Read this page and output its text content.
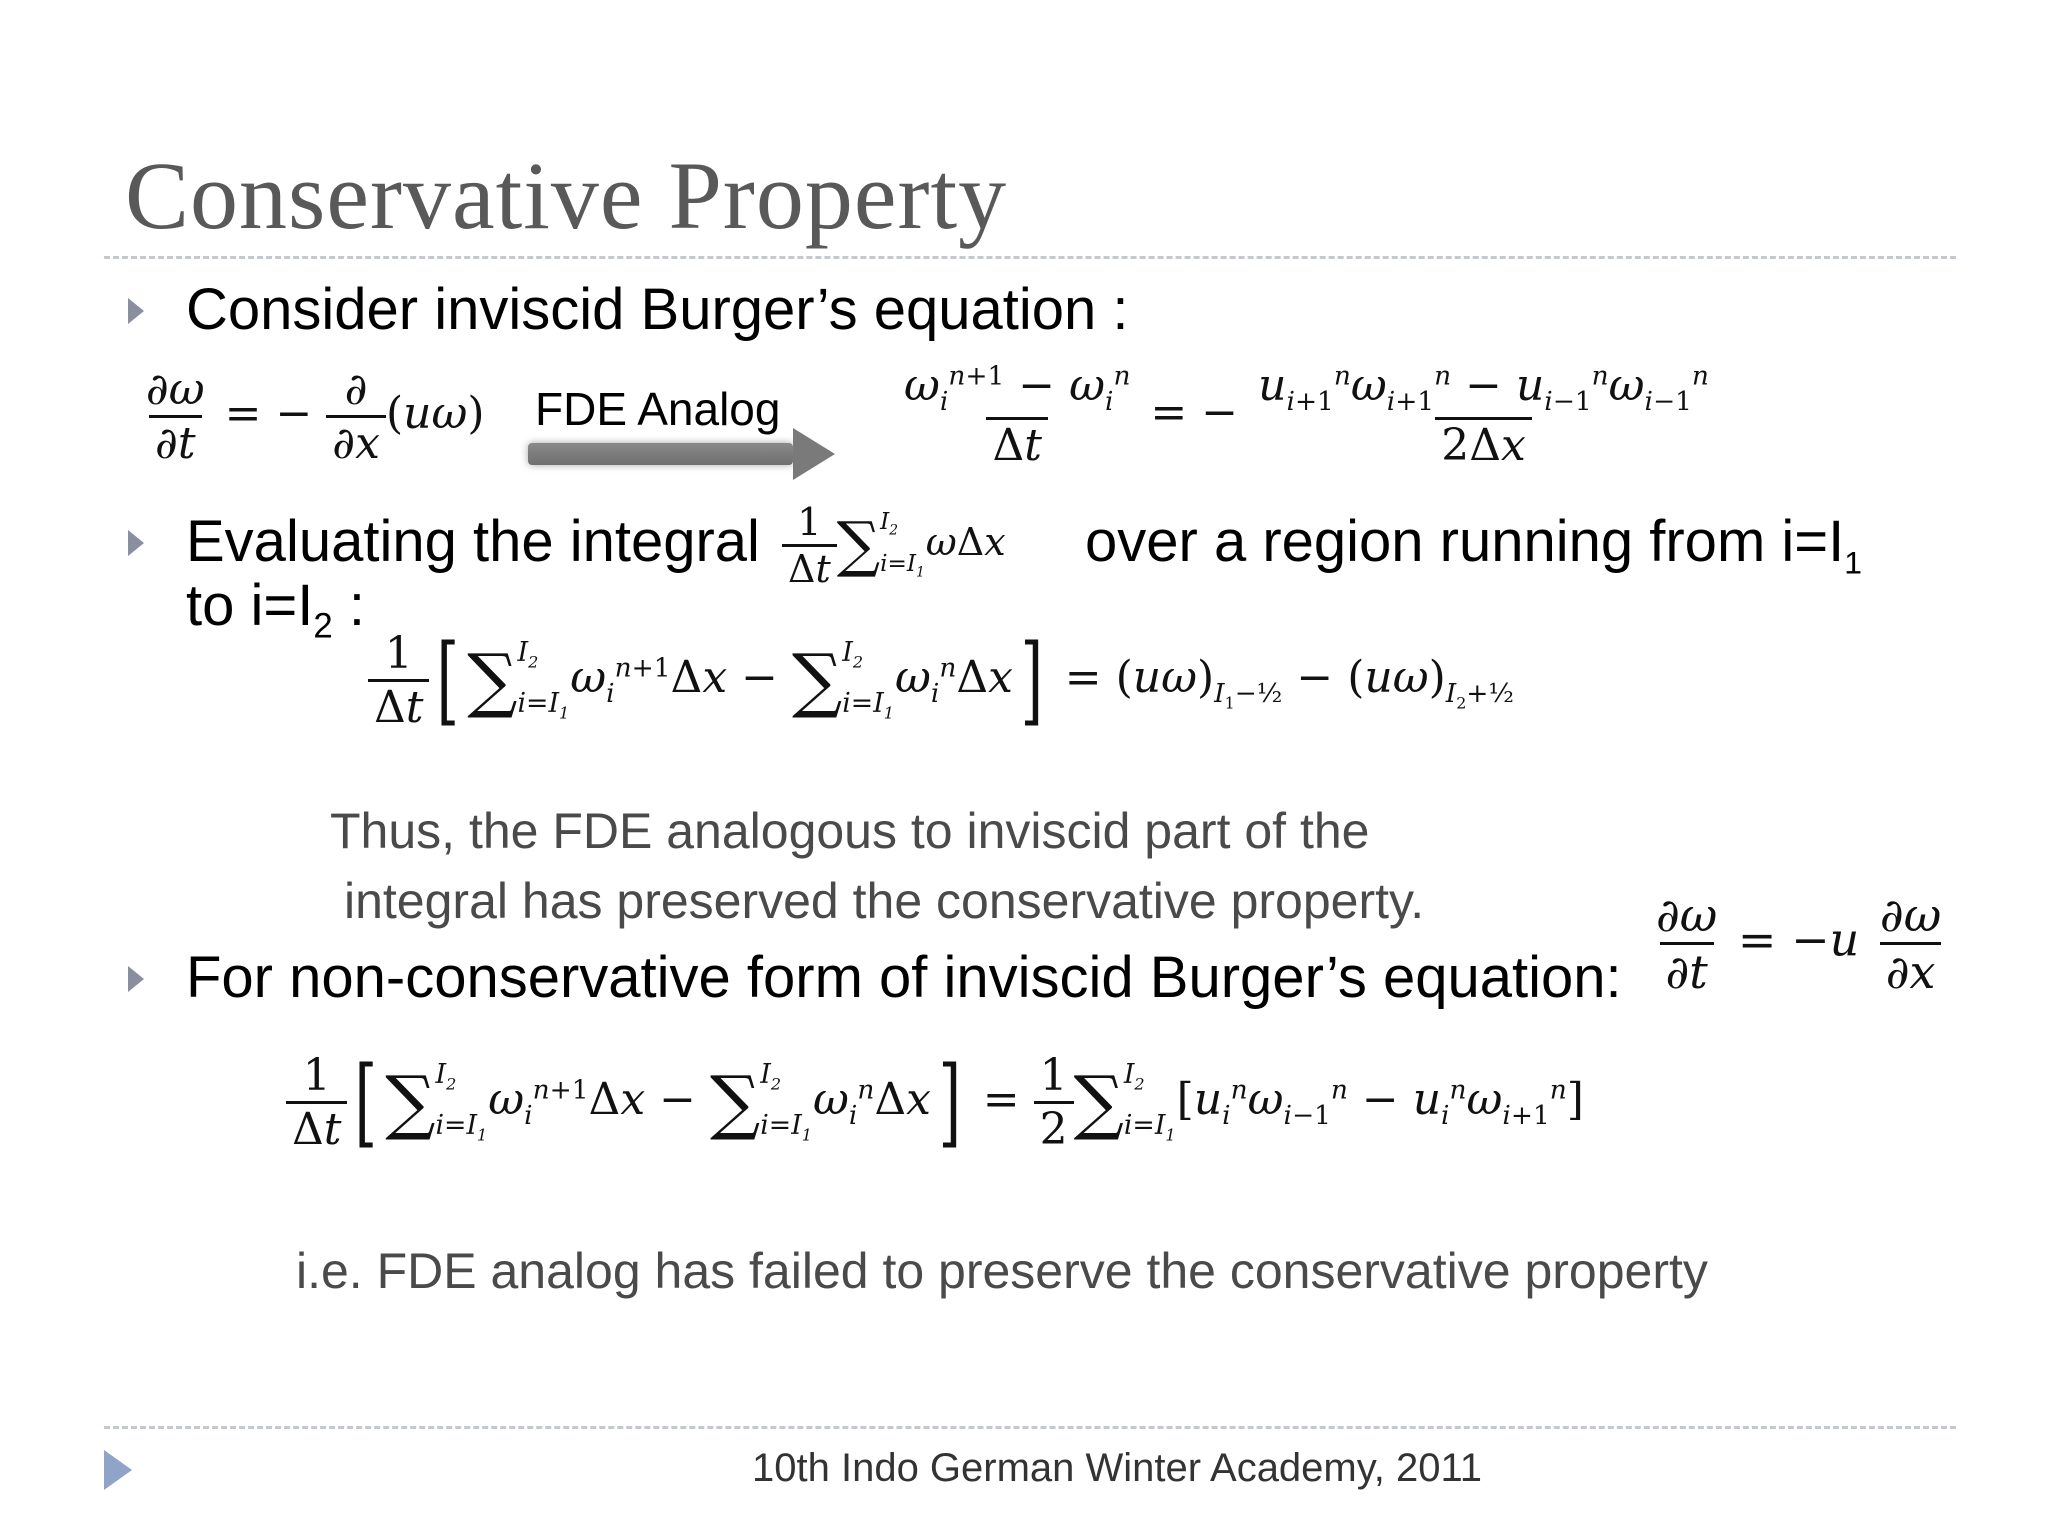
Conservative Property
Consider inviscid Burger’s equation :
$\frac{\partial\omega}{\partial t}$ = − $\frac{\partial}{\partial x} (u\omega)$ FDE Analog	$\frac{\omega_i^{n+1} - \omega_i^n}{\Delta t}$ = − $\frac{u_{i+1}^n\omega_{i+1}^n - u_{i-1}^n\omega_{i-1}^n}{2\Delta x}$
Evaluating the integral $\frac{1}{\Delta t}$ ∑ $I_2$
$i=I_1$
ωΔx over a region running from $i=I_1$
to $i=I_2$ :
$\frac{1}{\Delta t}$ [ ∑ $I_2$
$i=I_1$
$\omega_i^{n+1}\Delta x$ − ∑ $I_2$
$i=I_1$
$\omega_i^n\Delta x] = (u\omega)_{I_1-\frac{1}{2}} - (u\omega)_{I_2+\frac{1}{2}}$
Thus, the FDE analogous to inviscid part of the
integral has preserved the conservative property.
For non-conservative form of inviscid Burger’s equation: $\frac{\partial\omega}{\partial t} = -u \frac{\partial\omega}{\partial x}$
$\frac{1}{\Delta t}$ [ ∑ $I_2$
$i=I_1$
$\omega_i^{n+1}\Delta x$ − ∑ $I_2$
$i=I_1$
$\omega_i^n\Delta x] = \frac{1}{2}$ ∑ $I_2$
$i=I_1$
$[u_i^n\omega_{i-1}^n - u_i^n\omega_{i+1}^n]$
i.e. FDE analog has failed to preserve the conservative property
10th Indo German Winter Academy, 2011
